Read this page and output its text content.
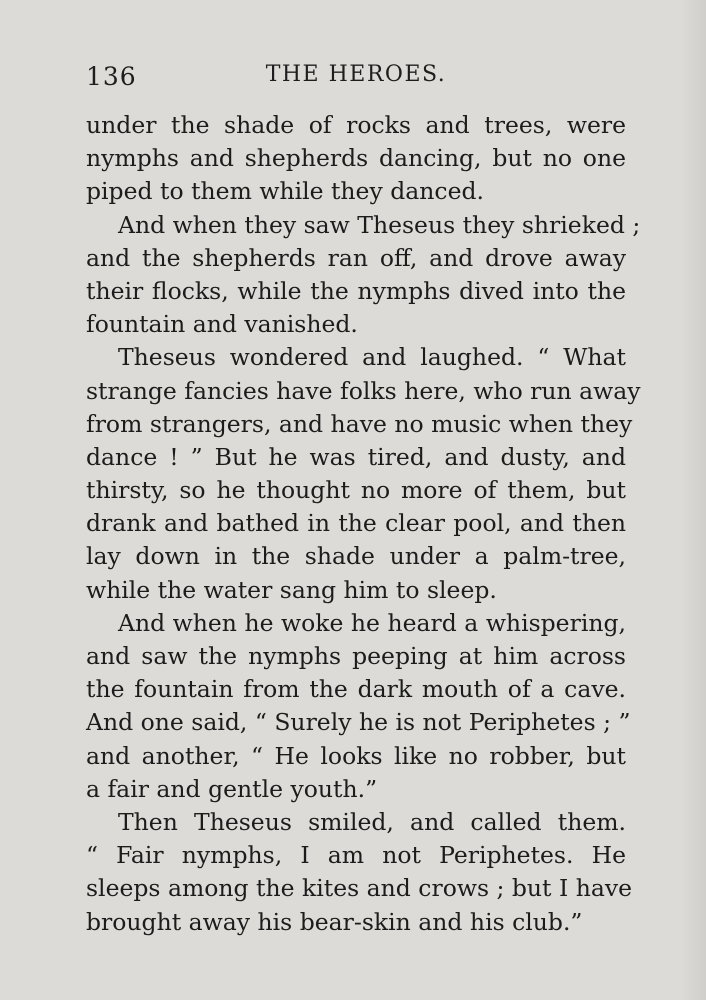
136	THE HEROES.
under the shade of rocks and trees, were
nymphs and shepherds dancing, but no one
piped to them while they danced.
And when they saw Theseus they shrieked ;
and the shepherds ran off, and drove away
their flocks, while the nymphs dived into the
fountain and vanished.
Theseus wondered and laughed. “ What
strange fancies have folks here, who run away
from strangers, and have no music when they
dance ! ” But he was tired, and dusty, and
thirsty, so he thought no more of them, but
drank and bathed in the clear pool, and then
lay down in the shade under a palm-tree,
while the water sang him to sleep.
And when he woke he heard a whispering,
and saw the nymphs peeping at him across
the fountain from the dark mouth of a cave.
And one said, “ Surely he is not Periphetes ; ”
and another, “ He looks like no robber, but
a fair and gentle youth.”
Then Theseus smiled, and called them.
“ Fair nymphs, I am not Periphetes. He
sleeps among the kites and crows ; but I have
brought away his bear-skin and his club.”
